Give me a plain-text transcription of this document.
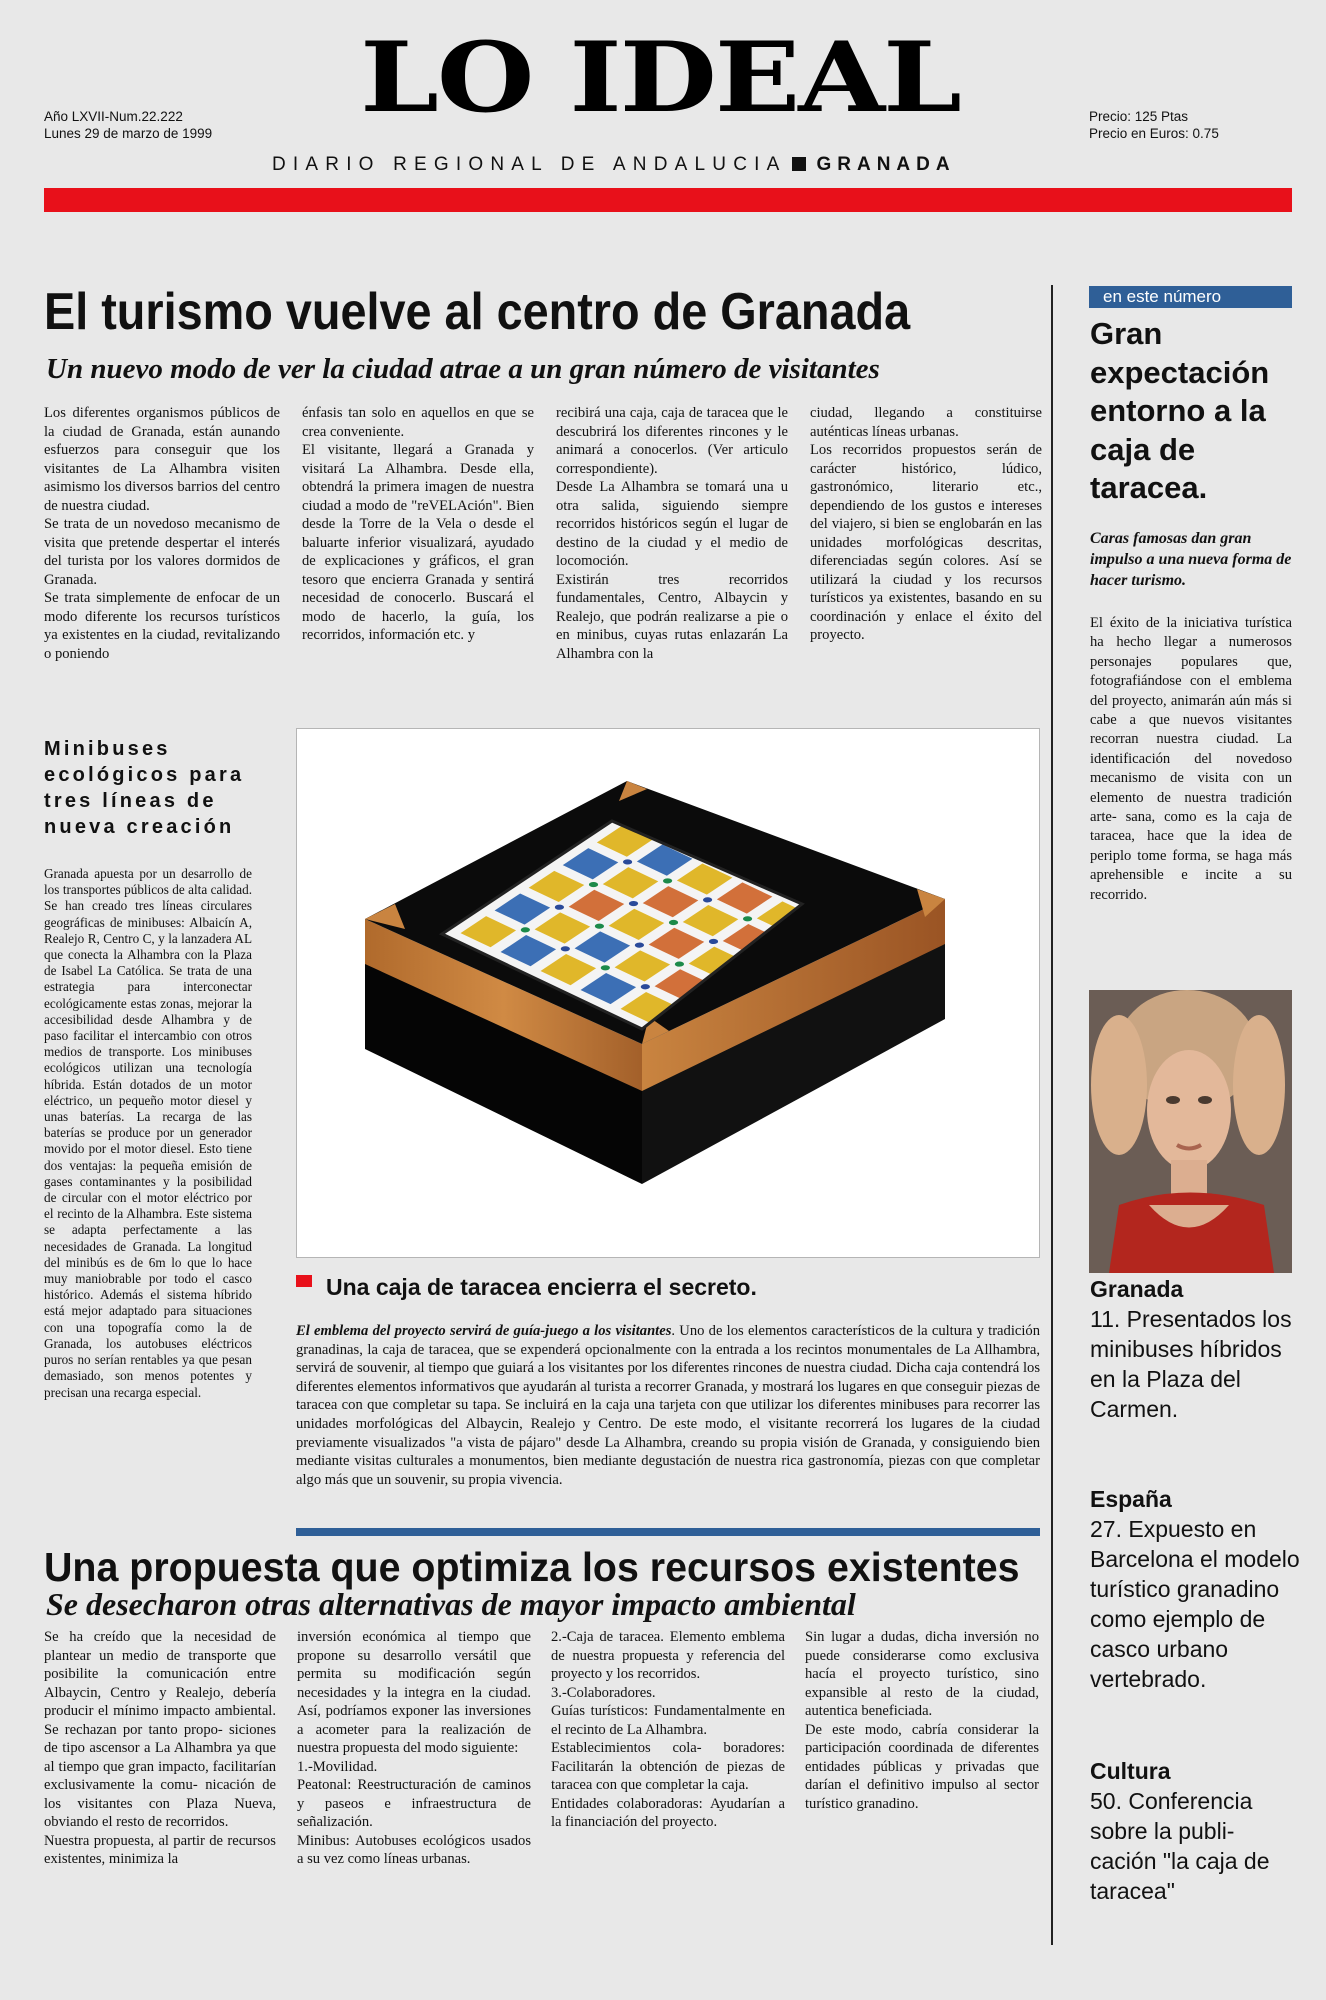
Año LXVII-Num.22.222
Lunes 29 de marzo de 1999	LO IDEAL	Precio: 125 Ptas
Precio en Euros: 0.75
DIARIO REGIONAL DE ANDALUCIA GRANADA
El turismo vuelve al centro de Granada
Un nuevo modo de ver la ciudad atrae a un gran número de visitantes

Los diferentes organismos públicos de la ciudad de Granada, están aunando esfuerzos para conseguir que los visitantes de La Alhambra visiten asimismo los diversos barrios del centro de nuestra ciudad.

Se trata de un novedoso mecanismo de visita que pretende despertar el interés del turista por los valores dormidos de Granada.

Se trata simplemente de enfocar de un modo diferente los recursos turísticos ya existentes en la ciudad, revitalizando o poniendo

énfasis tan solo en aquellos en que se crea conveniente.

El visitante, llegará a Granada y visitará La Alhambra. Desde ella, obtendrá la primera imagen de nuestra ciudad a modo de "reVELAción". Bien desde la Torre de la Vela o desde el baluarte inferior visualizará, ayudado de explicaciones y gráficos, el gran tesoro que encierra Granada y sentirá necesidad de conocerlo. Buscará el modo de hacerlo, la guía, los recorridos, información etc. y

recibirá una caja, caja de taracea que le descubrirá los diferentes rincones y le animará a conocerlos. (Ver articulo correspondiente).

Desde La Alhambra se tomará una u otra salida, siguiendo siempre recorridos históricos según el lugar de destino de la ciudad y el medio de locomoción.

Existirán tres recorridos fundamentales, Centro, Albaycin y Realejo, que podrán realizarse a pie o en minibus, cuyas rutas enlazarán La Alhambra con la

ciudad, llegando a constituirse auténticas líneas urbanas.

Los recorridos propuestos serán de carácter histórico, lúdico, gastronómico, literario etc., dependiendo de los gustos e intereses del viajero, si bien se englobarán en las unidades morfológicas descritas, diferenciadas según colores. Así se utilizará la ciudad y los recursos turísticos ya existentes, basando en su coordinación y enlace el éxito del proyecto.

Minibuses ecológicos para tres líneas de nueva creación
Granada apuesta por un desarrollo de los transportes públicos de alta calidad. Se han creado tres líneas circulares geográficas de minibuses: Albaicín A, Realejo R, Centro C, y la lanzadera AL que conecta la Alhambra con la Plaza de Isabel La Católica. Se trata de una estrategia para interconectar ecológicamente estas zonas, mejorar la accesibilidad desde Alhambra y de paso facilitar el intercambio con otros medios de transporte. Los minibuses ecológicos utilizan una tecnología híbrida. Están dotados de un motor eléctrico, un pequeño motor diesel y unas baterías. La recarga de las baterías se produce por un generador movido por el motor diesel. Esto tiene dos ventajas: la pequeña emisión de gases contaminantes y la posibilidad de circular con el motor eléctrico por el recinto de la Alhambra. Este sistema se adapta perfectamente a las necesidades de Granada. La longitud del minibús es de 6m lo que lo hace muy maniobrable por todo el casco histórico. Además el sistema híbrido está mejor adaptado para situaciones con una topografía como la de Granada, los autobuses eléctricos puros no serían rentables ya que pesan demasiado, son menos potentes y precisan una recarga especial.
Una caja de taracea encierra el secreto.

El emblema del proyecto servirá de guía-juego a los visitantes. Uno de los elementos característicos de la cultura y tradición granadinas, la caja de taracea, que se expenderá opcionalmente con la entrada a los recintos monumentales de La Allhambra, servirá de souvenir, al tiempo que guiará a los visitantes por los diferentes rincones de nuestra ciudad. Dicha caja contendrá los diferentes elementos informativos que ayudarán al turista a recorrer Granada, y mostrará los lugares en que conseguir piezas de taracea con que completar su tapa. Se incluirá en la caja una tarjeta con que utilizar los diferentes minibuses para recorrer las unidades morfológicas del Albaycin, Realejo y Centro. De este modo, el visitante recorrerá los lugares de la ciudad previamente visualizados "a vista de pájaro" desde La Alhambra, creando su propia visión de Granada, y consiguiendo bien mediante visitas culturales a monumentos, bien mediante degustación de nuestra rica gastronomía, piezas con que completar algo más que un souvenir, su propia vivencia.

Una propuesta que optimiza los recursos existentes
Se desecharon otras alternativas de mayor impacto ambiental

Se ha creído que la necesidad de plantear un medio de transporte que posibilite la comunicación entre Albaycin, Centro y Realejo, debería producir el mínimo impacto ambiental. Se rechazan por tanto propo- siciones de tipo ascensor a La Alhambra ya que al tiempo que gran impacto, facilitarían exclusivamente la comu- nicación de los visitantes con Plaza Nueva, obviando el resto de recorridos.

Nuestra propuesta, al partir de recursos existentes, minimiza la

inversión económica al tiempo que propone su desarrollo versátil que permita su modificación según necesidades y la integra en la ciudad. Así, podríamos exponer las inversiones a acometer para la realización de nuestra propuesta del modo siguiente:

1.-Movilidad.

Peatonal: Reestructuración de caminos y paseos e infraestructura de señalización.

Minibus: Autobuses ecológicos usados a su vez como líneas urbanas.

2.-Caja de taracea. Elemento emblema de nuestra propuesta y referencia del proyecto y los recorridos.

3.-Colaboradores.

Guías turísticos: Fundamentalmente en el recinto de La Alhambra.

Establecimientos cola- boradores: Facilitarán la obtención de piezas de taracea con que completar la caja.

Entidades colaboradoras: Ayudarían a la financiación del proyecto.

Sin lugar a dudas, dicha inversión no puede considerarse como exclusiva hacía el proyecto turístico, sino expansible al resto de la ciudad, autentica beneficiada.

De este modo, cabría considerar la participación coordinada de diferentes entidades públicas y privadas que darían el definitivo impulso al sector turístico granadino.

en este número
Gran expectación entorno a la caja de taracea.
Caras famosas dan gran impulso a una nueva forma de hacer turismo.
El éxito de la iniciativa turística ha hecho llegar a numerosos personajes populares que, fotografiándose con el emblema del proyecto, animarán aún más si cabe a que nuevos visitantes recorran nuestra ciudad. La identificación del novedoso mecanismo de visita con un elemento de nuestra tradición arte- sana, como es la caja de taracea, hace que la idea de periplo tome forma, se haga más aprehensible e incite a su recorrido.
Granada
11. Presentados los minibuses híbridos en la Plaza del Carmen.
España
27. Expuesto en Barcelona el modelo turístico granadino como ejemplo de casco urbano vertebrado.
Cultura
50. Conferencia sobre la publi- cación "la caja de taracea"
